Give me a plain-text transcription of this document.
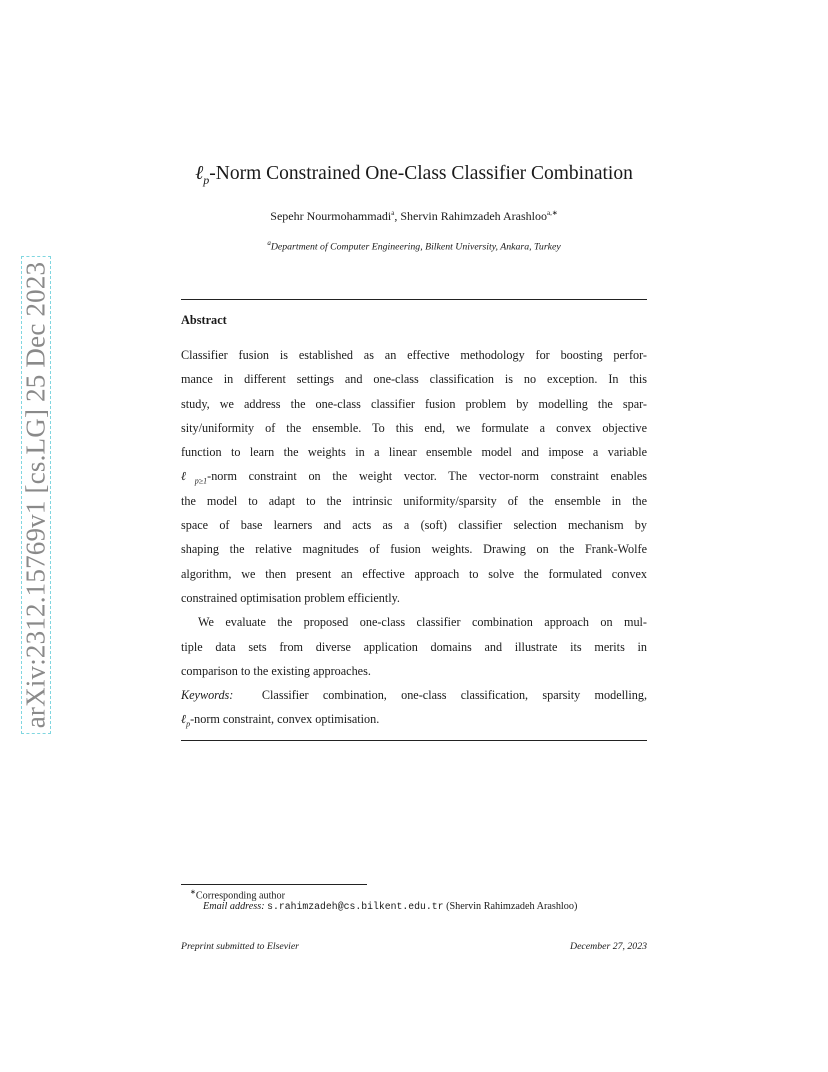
arXiv:2312.15769v1 [cs.LG] 25 Dec 2023
ℓ$_p$-Norm Constrained One-Class Classifier Combination
Sepehr Nourmohammadi$^a$, Shervin Rahimzadeh Arashloo$^{a,∗}$
$^a$Department of Computer Engineering, Bilkent University, Ankara, Turkey
Abstract
Classifier fusion is established as an effective methodology for boosting perfor-
mance in different settings and one-class classification is no exception. In this
study, we address the one-class classifier fusion problem by modelling the spar-
sity/uniformity of the ensemble. To this end, we formulate a convex objective
function to learn the weights in a linear ensemble model and impose a variable
ℓ$_{p\ge 1}$-norm constraint on the weight vector. The vector-norm constraint enables
the model to adapt to the intrinsic uniformity/sparsity of the ensemble in the
space of base learners and acts as a (soft) classifier selection mechanism by
shaping the relative magnitudes of fusion weights. Drawing on the Frank-Wolfe
algorithm, we then present an effective approach to solve the formulated convex
constrained optimisation problem efficiently.
We evaluate the proposed one-class classifier combination approach on mul-
tiple data sets from diverse application domains and illustrate its merits in
comparison to the existing approaches.
Keywords: Classifier combination, one-class classification, sparsity modelling,
ℓ$_p$-norm constraint, convex optimisation.
∗Corresponding author
Email address: s.rahimzadeh@cs.bilkent.edu.tr (Shervin Rahimzadeh Arashloo)
Preprint submitted to Elsevier	December 27, 2023
